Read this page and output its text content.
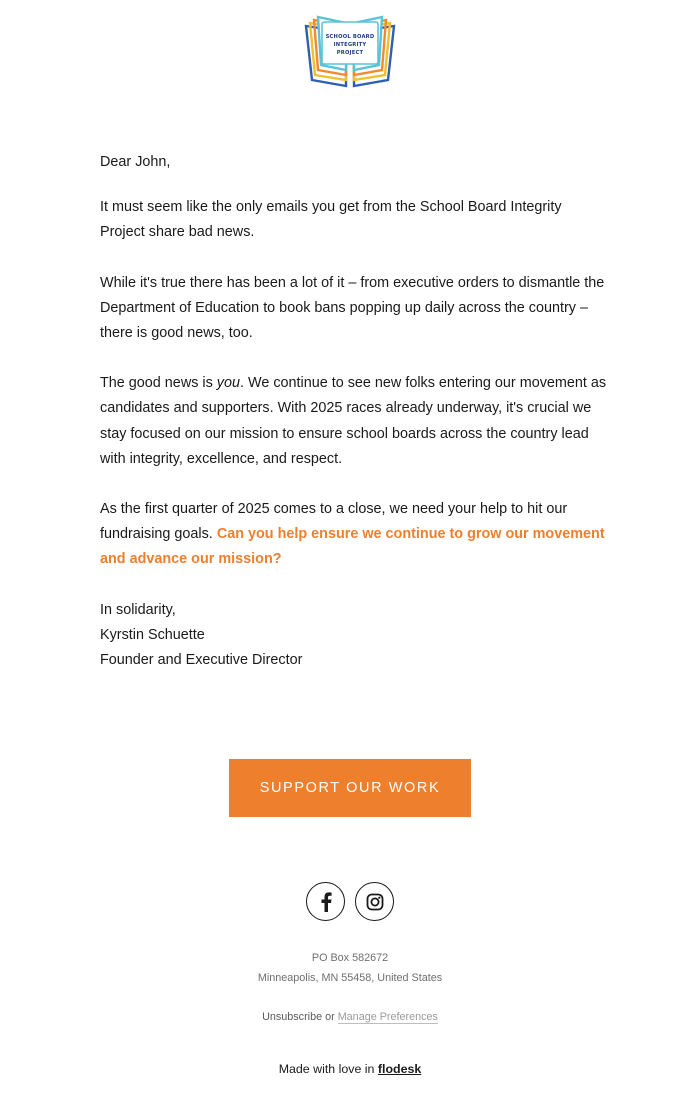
SCHOOL BOARD
INTEGRITY
PROJECT

Dear John,

It must seem like the only emails you get from the School Board Integrity Project share bad news.

While it's true there has been a lot of it – from executive orders to dismantle the Department of Education to book bans popping up daily across the country – there is good news, too.

The good news is you. We continue to see new folks entering our movement as candidates and supporters. With 2025 races already underway, it's crucial we stay focused on our mission to ensure school boards across the country lead with integrity, excellence, and respect.

As the first quarter of 2025 comes to a close, we need your help to hit our fundraising goals. Can you help ensure we continue to grow our movement and advance our mission?

In solidarity,
Kyrstin Schuette
Founder and Executive Director
SUPPORT OUR WORK
PO Box 582672
Minneapolis, MN 55458, United States
Unsubscribe or Manage Preferences
Made with love in flodesk
